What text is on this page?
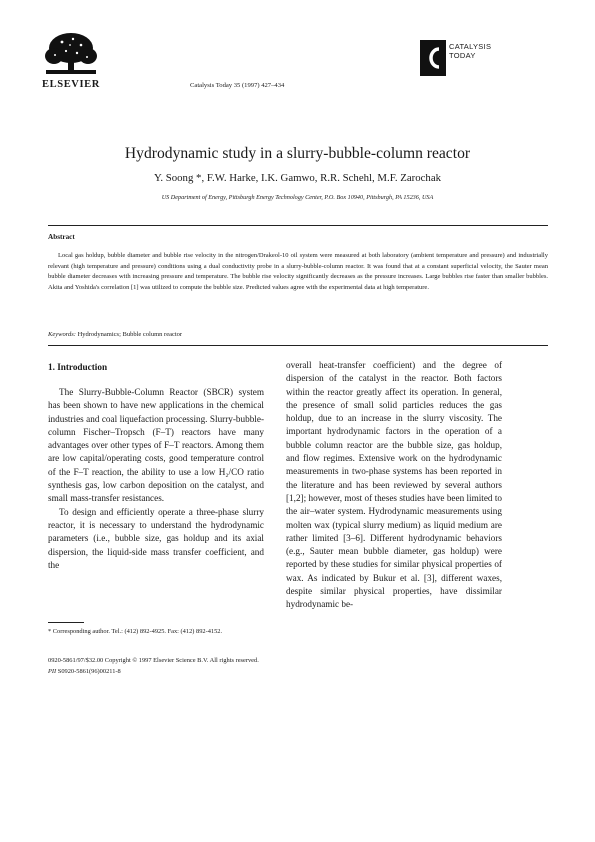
ELSEVIER	Catalysis Today 35 (1997) 427–434
CATALYSIS
TODAY
Hydrodynamic study in a slurry-bubble-column reactor
Y. Soong *, F.W. Harke, I.K. Gamwo, R.R. Schehl, M.F. Zarochak
US Department of Energy, Pittsburgh Energy Technology Center, P.O. Box 10940, Pittsburgh, PA 15236, USA
Abstract
Local gas holdup, bubble diameter and bubble rise velocity in the nitrogen/Drakeol-10 oil system were measured at both laboratory (ambient temperature and pressure) and industrially relevant (high temperature and pressure) conditions using a dual conductivity probe in a slurry-bubble-column reactor. It was found that at a constant superficial velocity, the Sauter mean bubble diameter decreases with increasing pressure and temperature. The bubble rise velocity significantly decreases as the pressure increases. Large bubbles rise faster than smaller bubbles. Akita and Yoshida's correlation [1] was utilized to compute the bubble size. Predicted values agree with the experimental data at high temperature.
Keywords: Hydrodynamics; Bubble column reactor
1. Introduction

The Slurry-Bubble-Column Reactor (SBCR) system has been shown to have new applications in the chemical industries and coal liquefaction processing. Slurry-bubble-column Fischer–Tropsch (F–T) reactors have many advantages over other types of F–T reactors. Among them are low capital/operating costs, good temperature control of the F–T reaction, the ability to use a low H₂/CO ratio synthesis gas, low carbon deposition on the catalyst, and small mass-transfer resistances.

To design and efficiently operate a three-phase slurry reactor, it is necessary to understand the hydrodynamic parameters (i.e., bubble size, gas holdup and its axial dispersion, the liquid-side mass transfer coefficient, and the

overall heat-transfer coefficient) and the degree of dispersion of the catalyst in the reactor. Both factors within the reactor greatly affect its operation. In general, the presence of small solid particles reduces the gas holdup, due to an increase in the slurry viscosity. The important hydrodynamic factors in the operation of a bubble column reactor are the bubble size, gas holdup, and flow regimes. Extensive work on the hydrodynamic measurements in two-phase systems has been reported in the literature and has been reviewed by several authors [1,2]; however, most of theses studies have been limited to the air–water system. Hydrodynamic measurements using molten wax (typical slurry medium) as liquid medium are rather limited [3–6]. Different hydrodynamic behaviors (e.g., Sauter mean bubble diameter, gas holdup) were reported by these studies for similar physical properties of wax. As indicated by Bukur et al. [3], different waxes, despite similar physical properties, have dissimilar hydrodynamic be-

* Corresponding author. Tel.: (412) 892-4925. Fax: (412) 892-4152.
0920-5861/97/$32.00 Copyright © 1997 Elsevier Science B.V. All rights reserved.
PII S0920-5861(96)00211-8
